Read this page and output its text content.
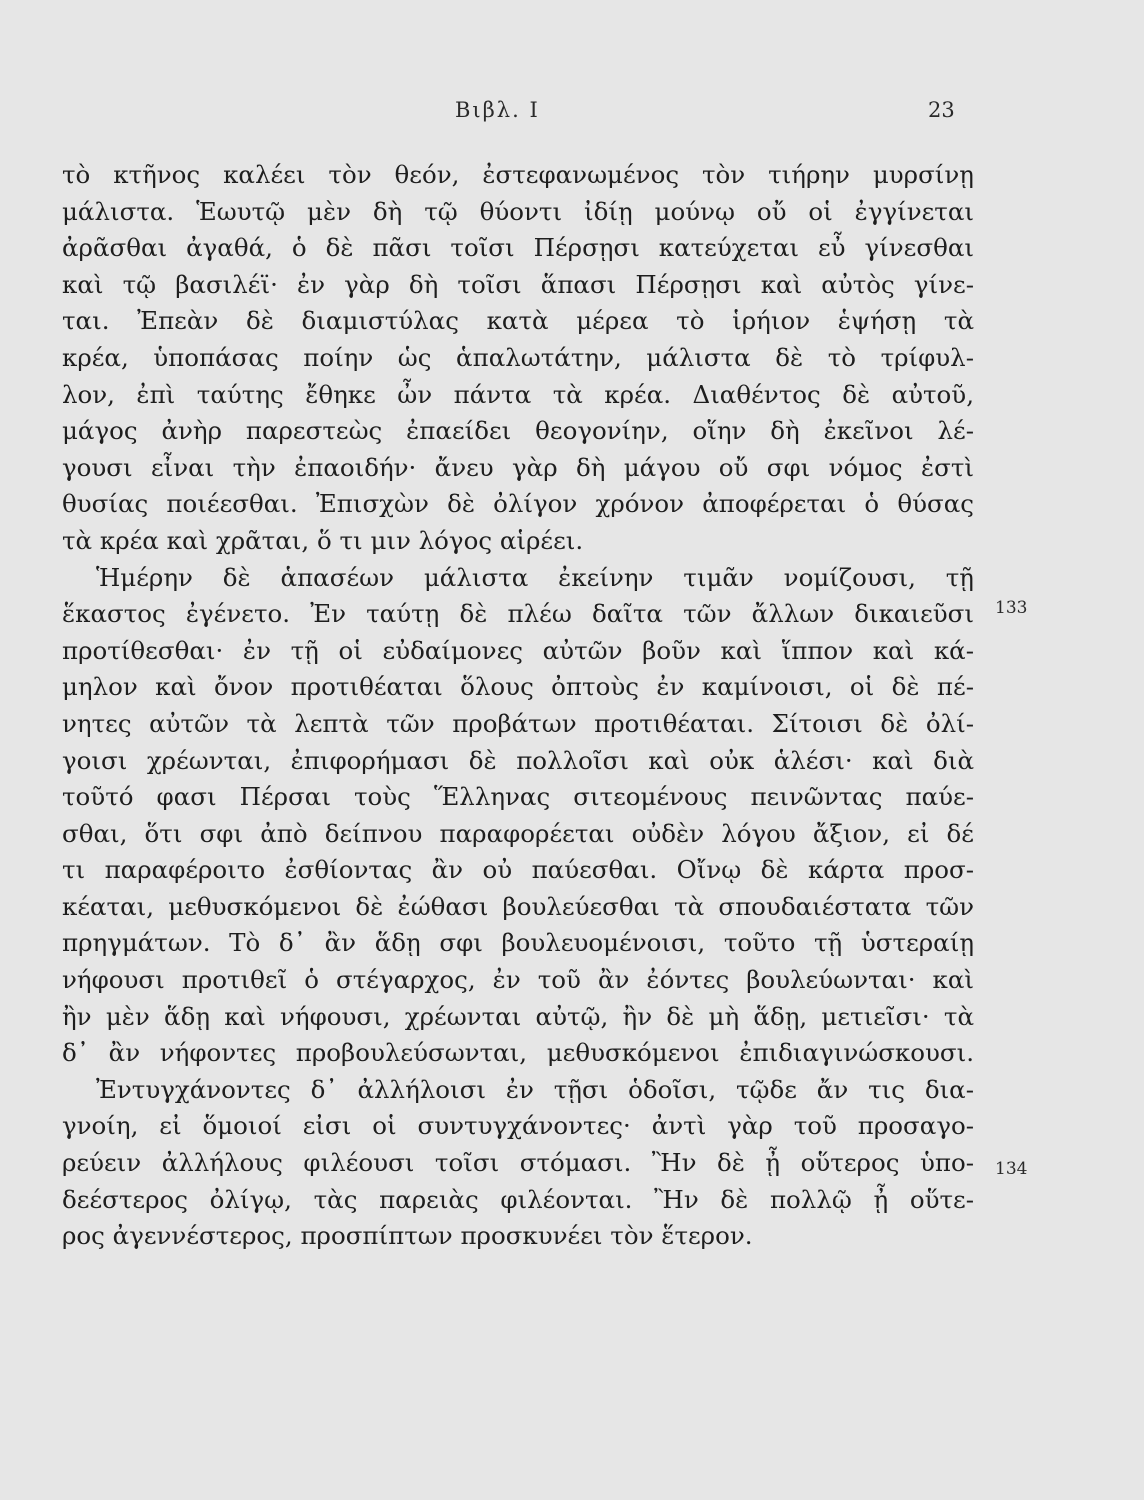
Βιβλ. Ι	23
τὸ κτῆνος καλέει τὸν θεόν, ἐστεφανωμένος τὸν τιήρην μυρσίνῃ
μάλιστα. Ἑωυτῷ μὲν δὴ τῷ θύοντι ἰδίῃ μούνῳ οὔ οἱ ἐγγίνεται
ἀρᾶσθαι ἀγαθά, ὁ δὲ πᾶσι τοῖσι Πέρσῃσι κατεύχεται εὖ γίνεσθαι
καὶ τῷ βασιλέϊ· ἐν γὰρ δὴ τοῖσι ἅπασι Πέρσῃσι καὶ αὐτὸς γίνε-
ται. Ἐπεὰν δὲ διαμιστύλας κατὰ μέρεα τὸ ἱρήιον ἑψήσῃ τὰ
κρέα, ὑποπάσας ποίην ὡς ἁπαλωτάτην, μάλιστα δὲ τὸ τρίφυλ-
λον, ἐπὶ ταύτης ἔθηκε ὦν πάντα τὰ κρέα. Διαθέντος δὲ αὐτοῦ,
μάγος ἀνὴρ παρεστεὼς ἐπαείδει θεογονίην, οἵην δὴ ἐκεῖνοι λέ-
γουσι εἶναι τὴν ἐπαοιδήν· ἄνευ γὰρ δὴ μάγου οὔ σφι νόμος ἐστὶ
θυσίας ποιέεσθαι. Ἐπισχὼν δὲ ὀλίγον χρόνον ἀποφέρεται ὁ θύσας
τὰ κρέα καὶ χρᾶται, ὅ τι μιν λόγος αἱρέει.
Ἡμέρην δὲ ἁπασέων μάλιστα ἐκείνην τιμᾶν νομίζουσι, τῇ
ἕκαστος ἐγένετο. Ἐν ταύτῃ δὲ πλέω δαῖτα τῶν ἄλλων δικαιεῦσι
προτίθεσθαι· ἐν τῇ οἱ εὐδαίμονες αὐτῶν βοῦν καὶ ἵππον καὶ κά-
μηλον καὶ ὄνον προτιθέαται ὅλους ὀπτοὺς ἐν καμίνοισι, οἱ δὲ πέ-
νητες αὐτῶν τὰ λεπτὰ τῶν προβάτων προτιθέαται. Σίτοισι δὲ ὀλί-
γοισι χρέωνται, ἐπιφορήμασι δὲ πολλοῖσι καὶ οὐκ ἁλέσι· καὶ διὰ
τοῦτό φασι Πέρσαι τοὺς Ἕλληνας σιτεομένους πεινῶντας παύε-
σθαι, ὅτι σφι ἀπὸ δείπνου παραφορέεται οὐδὲν λόγου ἄξιον, εἰ δέ
τι παραφέροιτο ἐσθίοντας ἂν οὐ παύεσθαι. Οἴνῳ δὲ κάρτα προσ-
κέαται, μεθυσκόμενοι δὲ ἐώθασι βουλεύεσθαι τὰ σπουδαιέστατα τῶν
πρηγμάτων. Τὸ δ᾽ ἂν ἅδῃ σφι βουλευομένοισι, τοῦτο τῇ ὑστεραίῃ
νήφουσι προτιθεῖ ὁ στέγαρχος, ἐν τοῦ ἂν ἐόντες βουλεύωνται· καὶ
ἢν μὲν ἅδῃ καὶ νήφουσι, χρέωνται αὐτῷ, ἢν δὲ μὴ ἅδῃ, μετιεῖσι· τὰ
δ᾽ ἂν νήφοντες προβουλεύσωνται, μεθυσκόμενοι ἐπιδιαγινώσκουσι.
Ἐντυγχάνοντες δ᾽ ἀλλήλοισι ἐν τῇσι ὁδοῖσι, τῷδε ἄν τις δια-
γνοίη, εἰ ὅμοιοί εἰσι οἱ συντυγχάνοντες· ἀντὶ γὰρ τοῦ προσαγο-
ρεύειν ἀλλήλους φιλέουσι τοῖσι στόμασι. Ἢν δὲ ᾖ οὕτερος ὑπο-
δεέστερος ὀλίγῳ, τὰς παρειὰς φιλέονται. Ἢν δὲ πολλῷ ᾖ οὕτε-
ρος ἀγεννέστερος, προσπίπτων προσκυνέει τὸν ἕτερον.
133
134
